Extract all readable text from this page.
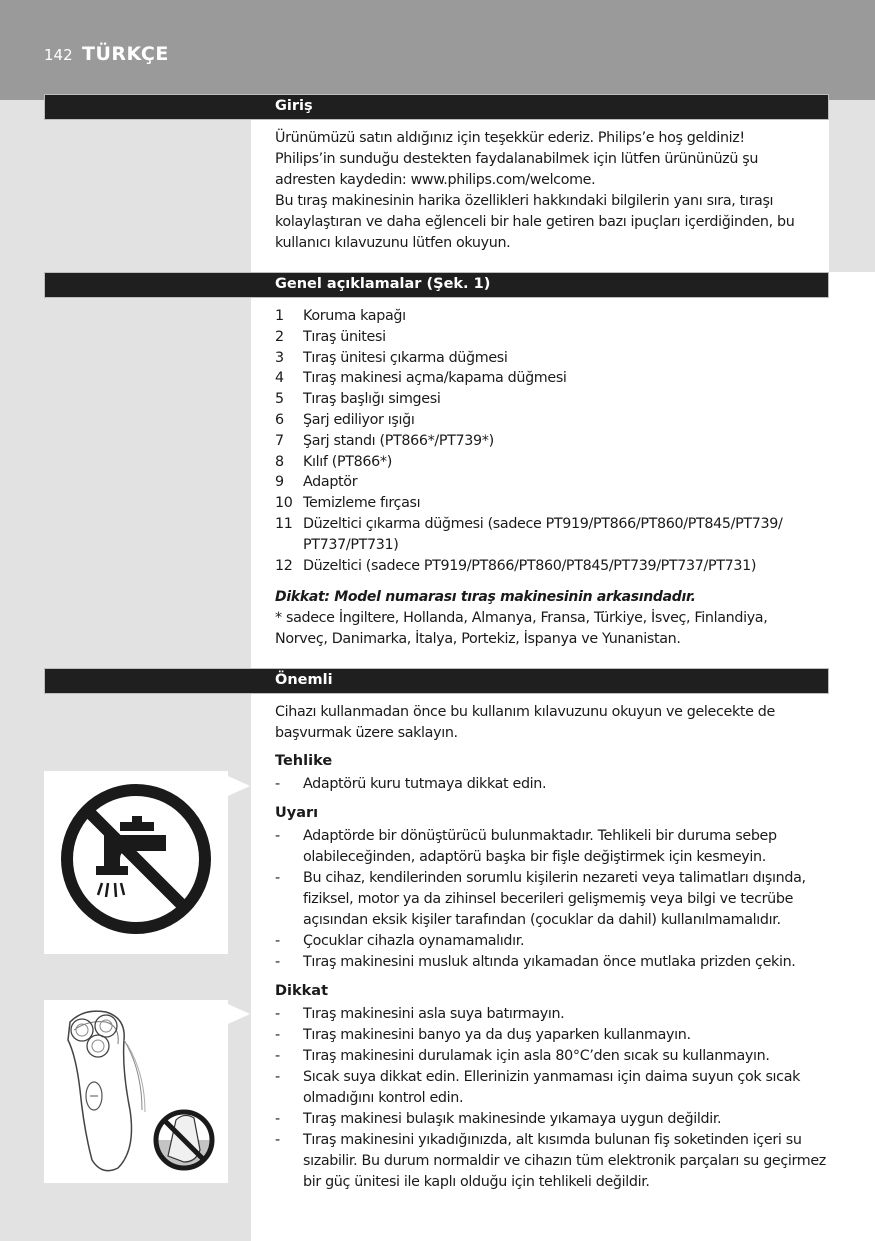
142 TÜRKÇE
Giriş
Ürünümüzü satın aldığınız için teşekkür ederiz. Philips’e hoş geldiniz!
Philips’in sunduğu destekten faydalanabilmek için lütfen ürününüzü şu
adresten kaydedin: www.philips.com/welcome.
Bu tıraş makinesinin harika özellikleri hakkındaki bilgilerin yanı sıra, tıraşı
kolaylaştıran ve daha eğlenceli bir hale getiren bazı ipuçları içerdiğinden, bu
kullanıcı kılavuzunu lütfen okuyun.
Genel açıklamalar (Şek. 1)
1	Koruma kapağı
2	Tıraş ünitesi
3	Tıraş ünitesi çıkarma düğmesi
4	Tıraş makinesi açma/kapama düğmesi
5	Tıraş başlığı simgesi
6	Şarj ediliyor ışığı
7	Şarj standı (PT866*/PT739*)
8	Kılıf (PT866*)
9	Adaptör
10 Temizleme fırçası
11 Düzeltici çıkarma düğmesi (sadece PT919/PT866/PT860/PT845/PT739/ PT737/PT731)
12 Düzeltici (sadece PT919/PT866/PT860/PT845/PT739/PT737/PT731)

Dikkat: Model numarası tıraş makinesinin arkasındadır.

* sadece İngiltere, Hollanda, Almanya, Fransa, Türkiye, İsveç, Finlandiya,
Norveç, Danimarka, İtalya, Portekiz, İspanya ve Yunanistan.
Önemli
Cihazı kullanmadan önce bu kullanım kılavuzunu okuyun ve gelecekte de
başvurmak üzere saklayın.

Tehlike

-	Adaptörü kuru tutmaya dikkat edin.

Uyarı

-	Adaptörde bir dönüştürücü bulunmaktadır. Tehlikeli bir duruma sebep olabileceğinden, adaptörü başka bir fişle değiştirmek için kesmeyin.
-	Bu cihaz, kendilerinden sorumlu kişilerin nezareti veya talimatları dışında, fiziksel, motor ya da zihinsel becerileri gelişmemiş veya bilgi ve tecrübe açısından eksik kişiler tarafından (çocuklar da dahil) kullanılmamalıdır.
-	Çocuklar cihazla oynamamalıdır.
-	Tıraş makinesini musluk altında yıkamadan önce mutlaka prizden çekin.

Dikkat

-	Tıraş makinesini asla suya batırmayın.
-	Tıraş makinesini banyo ya da duş yaparken kullanmayın.
-	Tıraş makinesini durulamak için asla 80°C’den sıcak su kullanmayın.
-	Sıcak suya dikkat edin. Ellerinizin yanmaması için daima suyun çok sıcak olmadığını kontrol edin.
-	Tıraş makinesi bulaşık makinesinde yıkamaya uygun değildir.
-	Tıraş makinesini yıkadığınızda, alt kısımda bulunan fiş soketinden içeri su sızabilir. Bu durum normaldir ve cihazın tüm elektronik parçaları su geçirmez bir güç ünitesi ile kaplı olduğu için tehlikeli değildir.
